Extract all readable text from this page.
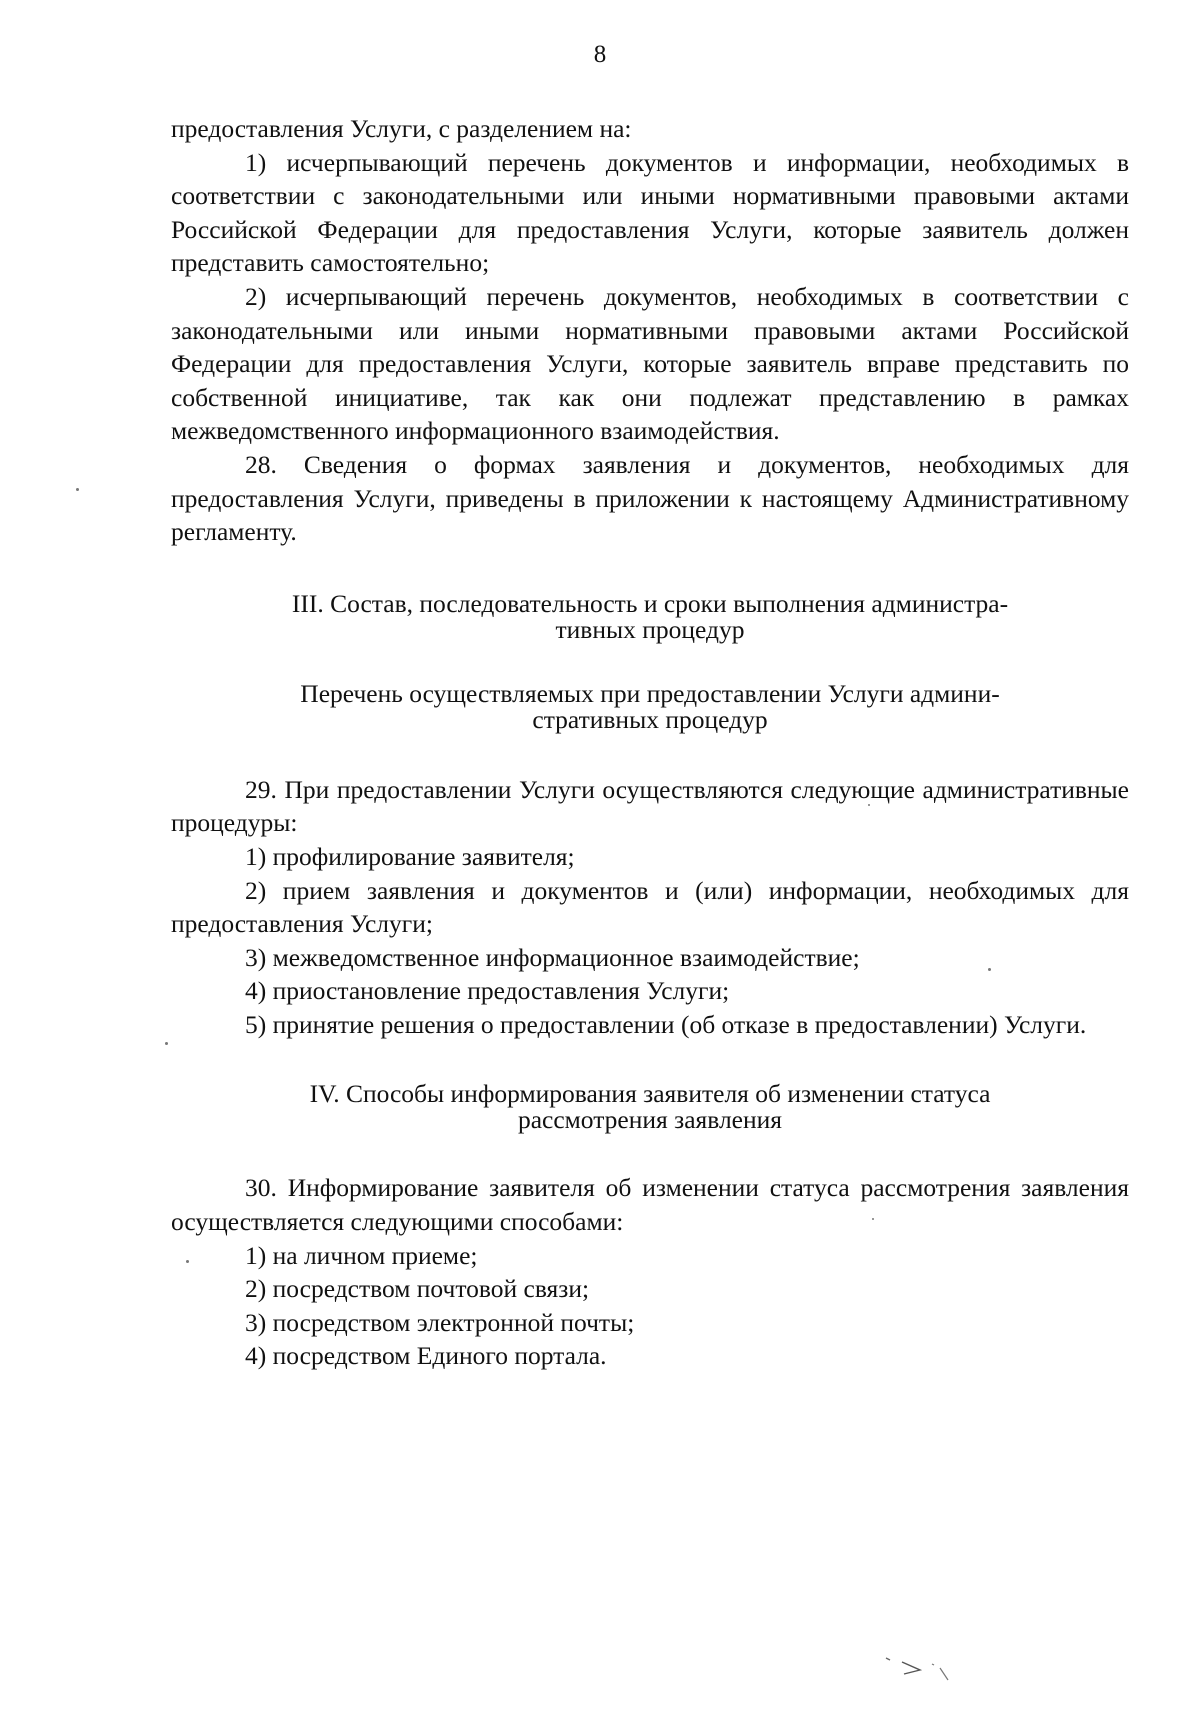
8

предоставления Услуги, с разделением на:

1) исчерпывающий перечень документов и информации, необходимых в соответствии с законодательными или иными нормативными правовыми актами Российской Федерации для предоставления Услуги, которые заявитель должен представить самостоятельно;

2) исчерпывающий перечень документов, необходимых в соответствии с законодательными или иными нормативными правовыми актами Российской Федерации для предоставления Услуги, которые заявитель вправе представить по собственной инициативе, так как они подлежат представлению в рамках межведомственного информационного взаимодействия.

28. Сведения о формах заявления и документов, необходимых для предоставления Услуги, приведены в приложении к настоящему Административному регламенту.

III. Состав, последовательность и сроки выполнения администра-
тивных процедур
Перечень осуществляемых при предоставлении Услуги админи-
стративных процедур

29. При предоставлении Услуги осуществляются следующие административные процедуры:

1) профилирование заявителя;

2) прием заявления и документов и (или) информации, необходимых для предоставления Услуги;

3) межведомственное информационное взаимодействие;

4) приостановление предоставления Услуги;

5) принятие решения о предоставлении (об отказе в предоставлении) Услуги.

IV. Способы информирования заявителя об изменении статуса
рассмотрения заявления

30. Информирование заявителя об изменении статуса рассмотрения заявления осуществляется следующими способами:

1) на личном приеме;

2) посредством почтовой связи;

3) посредством электронной почты;

4) посредством Единого портала.
